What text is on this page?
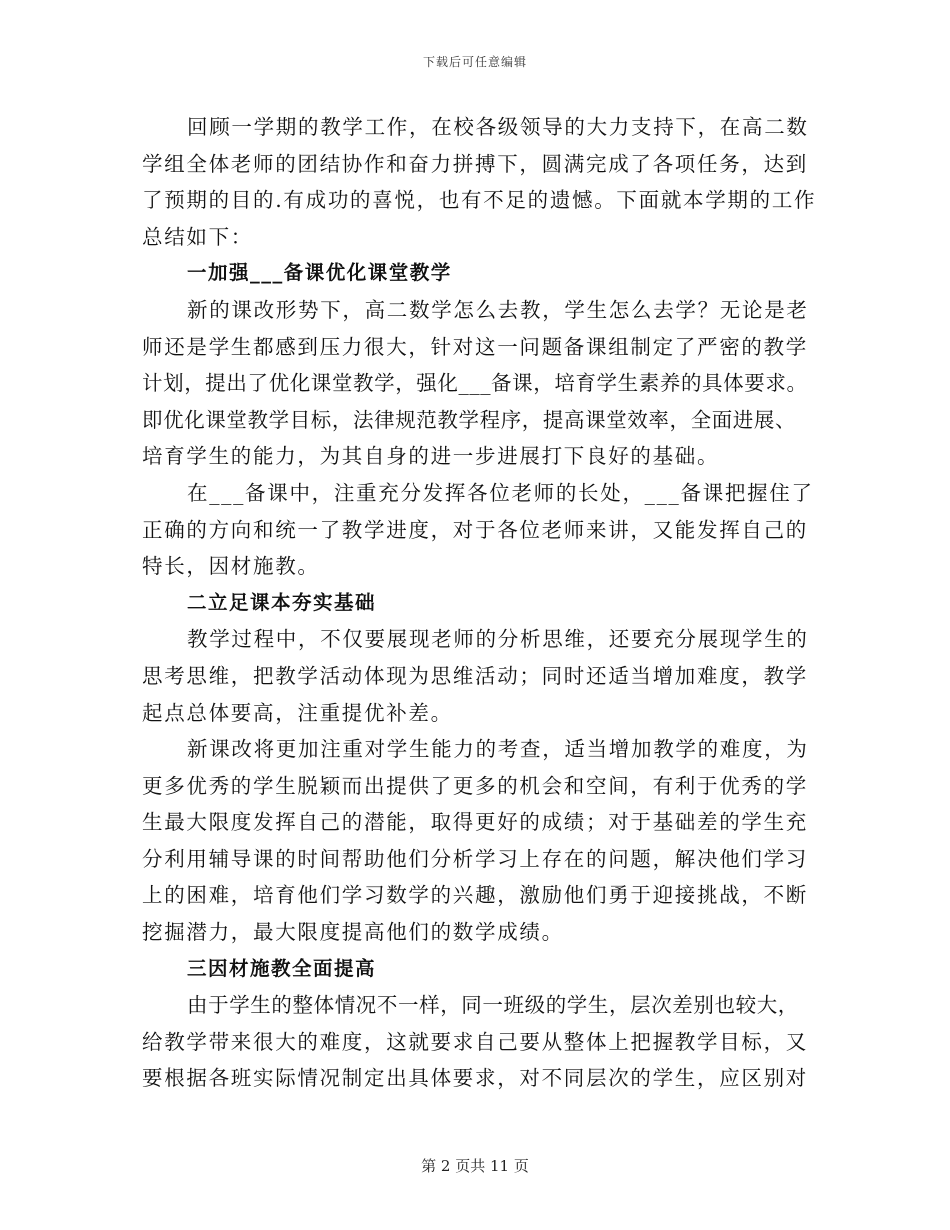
下载后可任意编辑
回顾一学期的教学工作，在校各级领导的大力支持下，在高二数
学组全体老师的团结协作和奋力拼搏下，圆满完成了各项任务，达到
了预期的目的.有成功的喜悦，也有不足的遗憾。下面就本学期的工作
总结如下：
一加强___备课优化课堂教学
新的课改形势下，高二数学怎么去教，学生怎么去学？无论是老
师还是学生都感到压力很大，针对这一问题备课组制定了严密的教学
计划，提出了优化课堂教学，强化___备课，培育学生素养的具体要求。
即优化课堂教学目标，法律规范教学程序，提高课堂效率，全面进展、
培育学生的能力，为其自身的进一步进展打下良好的基础。
在___备课中，注重充分发挥各位老师的长处，___备课把握住了
正确的方向和统一了教学进度，对于各位老师来讲，又能发挥自己的
特长，因材施教。
二立足课本夯实基础
教学过程中，不仅要展现老师的分析思维，还要充分展现学生的
思考思维，把教学活动体现为思维活动；同时还适当增加难度，教学
起点总体要高，注重提优补差。
新课改将更加注重对学生能力的考查，适当增加教学的难度，为
更多优秀的学生脱颖而出提供了更多的机会和空间，有利于优秀的学
生最大限度发挥自己的潜能，取得更好的成绩；对于基础差的学生充
分利用辅导课的时间帮助他们分析学习上存在的问题，解决他们学习
上的困难，培育他们学习数学的兴趣，激励他们勇于迎接挑战，不断
挖掘潜力，最大限度提高他们的数学成绩。
三因材施教全面提高
由于学生的整体情况不一样，同一班级的学生，层次差别也较大，
给教学带来很大的难度，这就要求自己要从整体上把握教学目标，又
要根据各班实际情况制定出具体要求，对不同层次的学生，应区别对
第 2 页共 11 页
